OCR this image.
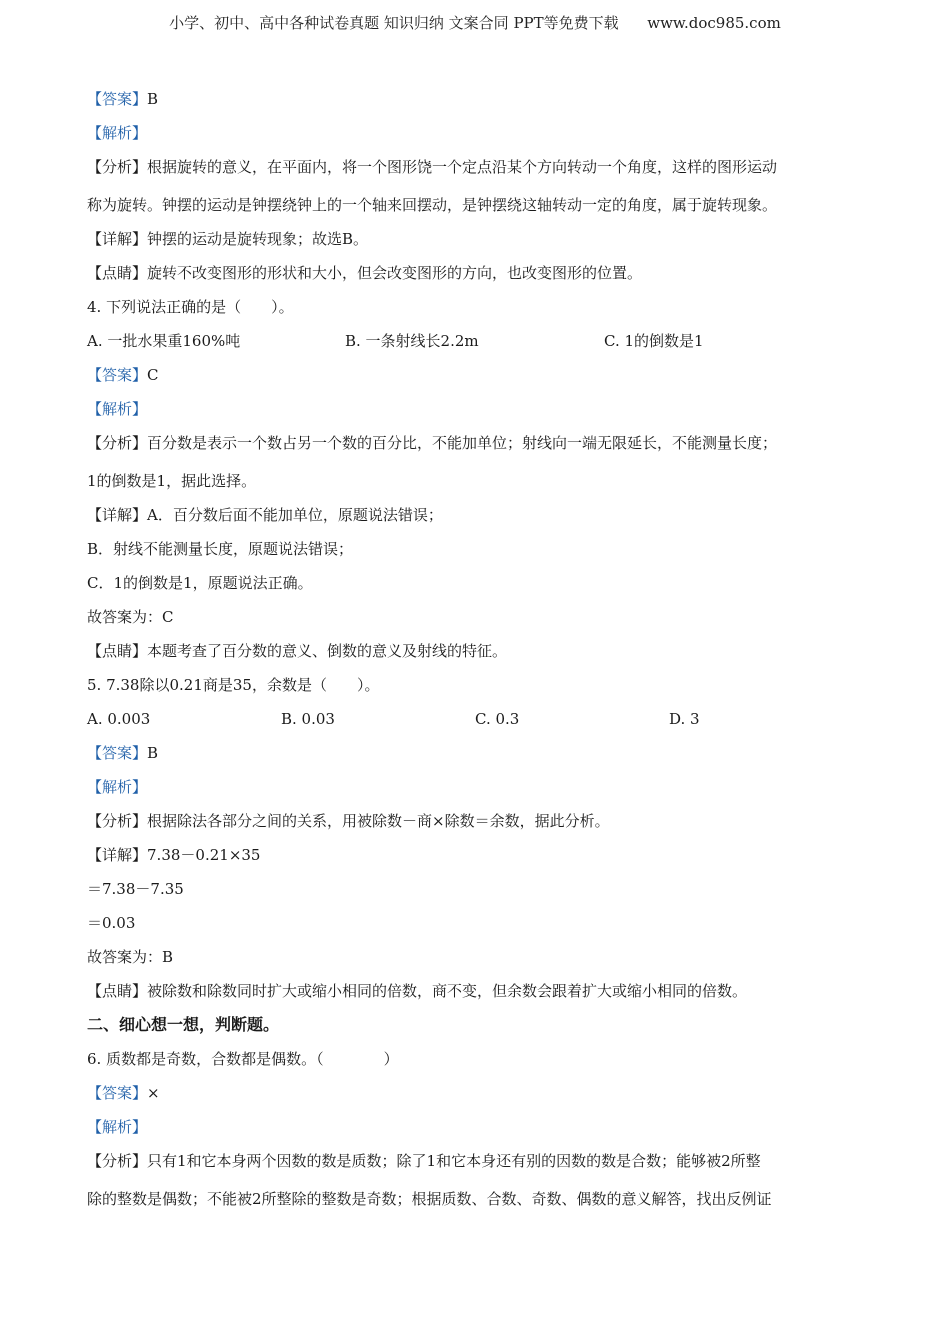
小学、初中、高中各种试卷真题 知识归纳 文案合同 PPT等免费下载      www.doc985.com

【答案】B

【解析】

【分析】根据旋转的意义，在平面内，将一个图形饶一个定点沿某个方向转动一个角度，这样的图形运动

称为旋转。钟摆的运动是钟摆绕钟上的一个轴来回摆动，是钟摆绕这轴转动一定的角度，属于旋转现象。

【详解】钟摆的运动是旋转现象；故选B。

【点睛】旋转不改变图形的形状和大小，但会改变图形的方向，也改变图形的位置。

4. 下列说法正确的是（　　）。

A. 一批水果重160%吨	B. 一条射线长2.2m	C. 1的倒数是1

【答案】C

【解析】

【分析】百分数是表示一个数占另一个数的百分比，不能加单位；射线向一端无限延长，不能测量长度；

1的倒数是1，据此选择。

【详解】A．百分数后面不能加单位，原题说法错误；

B．射线不能测量长度，原题说法错误；

C．1的倒数是1，原题说法正确。

故答案为：C

【点睛】本题考查了百分数的意义、倒数的意义及射线的特征。

5. 7.38除以0.21商是35，余数是（　　）。

A. 0.003	B. 0.03	C. 0.3	D. 3

【答案】B

【解析】

【分析】根据除法各部分之间的关系，用被除数－商×除数＝余数，据此分析。

【详解】7.38－0.21×35

＝7.38－7.35

＝0.03

故答案为：B

【点睛】被除数和除数同时扩大或缩小相同的倍数，商不变，但余数会跟着扩大或缩小相同的倍数。

二、细心想一想，判断题。

6. 质数都是奇数，合数都是偶数。（　　　　）

【答案】×

【解析】

【分析】只有1和它本身两个因数的数是质数；除了1和它本身还有别的因数的数是合数；能够被2所整

除的整数是偶数；不能被2所整除的整数是奇数；根据质数、合数、奇数、偶数的意义解答，找出反例证
